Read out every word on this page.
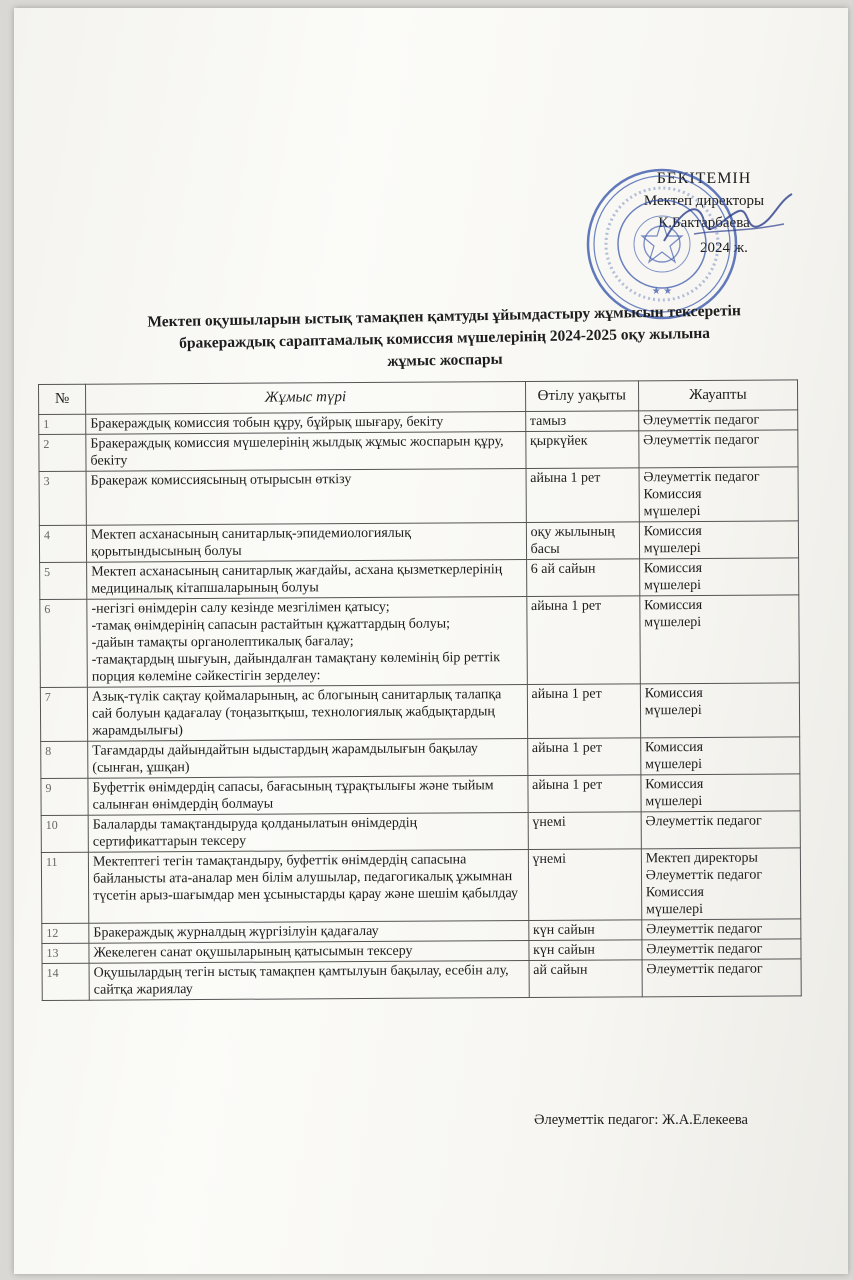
БЕКІТЕМІН
Мектеп директоры
К.Бактарбаева
2024 ж.
★ ★
Мектеп оқушыларын ыстық тамақпен қамтуды ұйымдастыру жұмысын тексеретін
бракераждық сараптамалық комиссия мүшелерінің 2024-2025 оқу жылына
жұмыс жоспары
№	Жұмыс түрі	Өтілу уақыты	Жауапты
1	Бракераждық комиссия тобын құру, бұйрық шығару, бекіту	тамыз	Әлеуметтік педагог
2	Бракераждық комиссия мүшелерінің жылдық жұмыс жоспарын құру, бекіту	қыркүйек	Әлеуметтік педагог
3	Бракераж комиссиясының отырысын өткізу	айына 1 рет	Әлеуметтік педагог
Комиссия
мүшелері
4	Мектеп асханасының санитарлық-эпидемиологиялық қорытындысының болуы	оқу жылының басы	Комиссия
мүшелері
5	Мектеп асханасының санитарлық жағдайы, асхана қызметкерлерінің медициналық кітапшаларының болуы	6 ай сайын	Комиссия
мүшелері
6	-негізгі өнімдерін салу кезінде мезгілімен қатысу;
-тамақ өнімдерінің сапасын растайтын құжаттардың болуы;
-дайын тамақты органолептикалық бағалау;
-тамақтардың шығуын, дайындалған тамақтану көлемінің бір реттік порция көлеміне сәйкестігін зерделеу:	айына 1 рет	Комиссия
мүшелері
7	Азық-түлік сақтау қоймаларының, ас блогының санитарлық талапқа сай болуын қадағалау (тоңазытқыш, технологиялық жабдықтардың жарамдылығы)	айына 1 рет	Комиссия
мүшелері
8	Тағамдарды дайындайтын ыдыстардың жарамдылығын бақылау (сынған, ұшқан)	айына 1 рет	Комиссия
мүшелері
9	Буфеттік өнімдердің сапасы, бағасының тұрақтылығы және тыйым салынған өнімдердің болмауы	айына 1 рет	Комиссия
мүшелері
10	Балаларды тамақтандыруда қолданылатын өнімдердің сертификаттарын тексеру	үнемі	Әлеуметтік педагог
11	Мектептегі тегін тамақтандыру, буфеттік өнімдердің сапасына байланысты ата-аналар мен білім алушылар, педагогикалық ұжымнан түсетін арыз-шағымдар мен ұсыныстарды қарау және шешім қабылдау	үнемі	Мектеп директоры
Әлеуметтік педагог
Комиссия
мүшелері
12	Бракераждық журналдың жүргізілуін қадағалау	күн сайын	Әлеуметтік педагог
13	Жекелеген санат оқушыларының қатысымын тексеру	күн сайын	Әлеуметтік педагог
14	Оқушылардың тегін ыстық тамақпен қамтылуын бақылау, есебін алу, сайтқа жариялау	ай сайын	Әлеуметтік педагог
Әлеуметтік педагог: Ж.А.Елекеева
